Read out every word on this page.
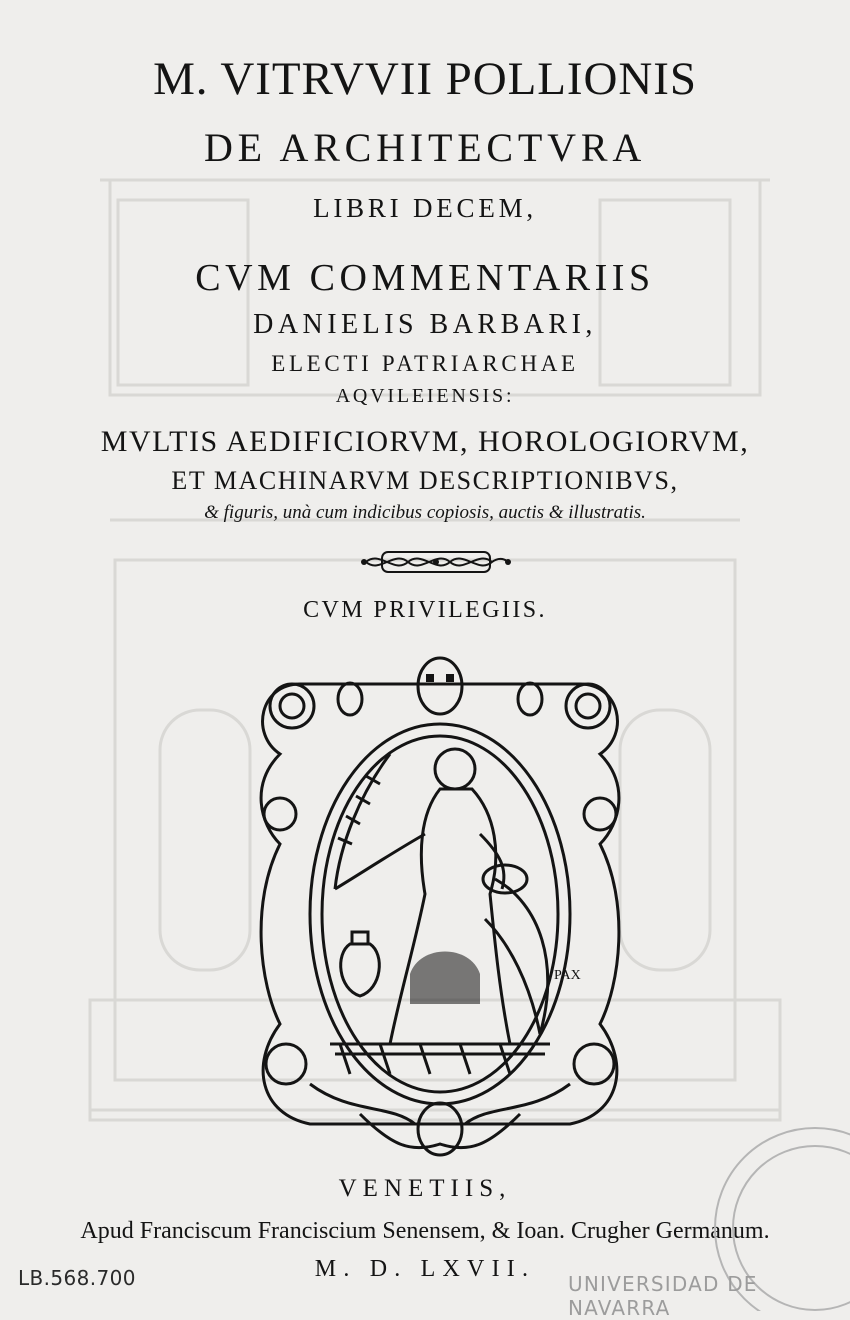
M. VITRVVII POLLIONIS
DE ARCHITECTVRA
LIBRI DECEM,
CVM COMMENTARIIS
DANIELIS BARBARI,
ELECTI PATRIARCHAE
AQVILEIENSIS:
MVLTIS AEDIFICIORVM, HOROLOGIORVM,
ET MACHINARVM DESCRIPTIONIBVS,
& figuris, unà cum indicibus copiosis, auctis & illustratis.
CVM PRIVILEGIIS.
PAX
VENETIIS,
Apud Franciscum Franciscium Senensem, & Ioan. Crugher Germanum.
M. D. LXVII.
LB.568.700	UNIVERSIDAD DE NAVARRA
